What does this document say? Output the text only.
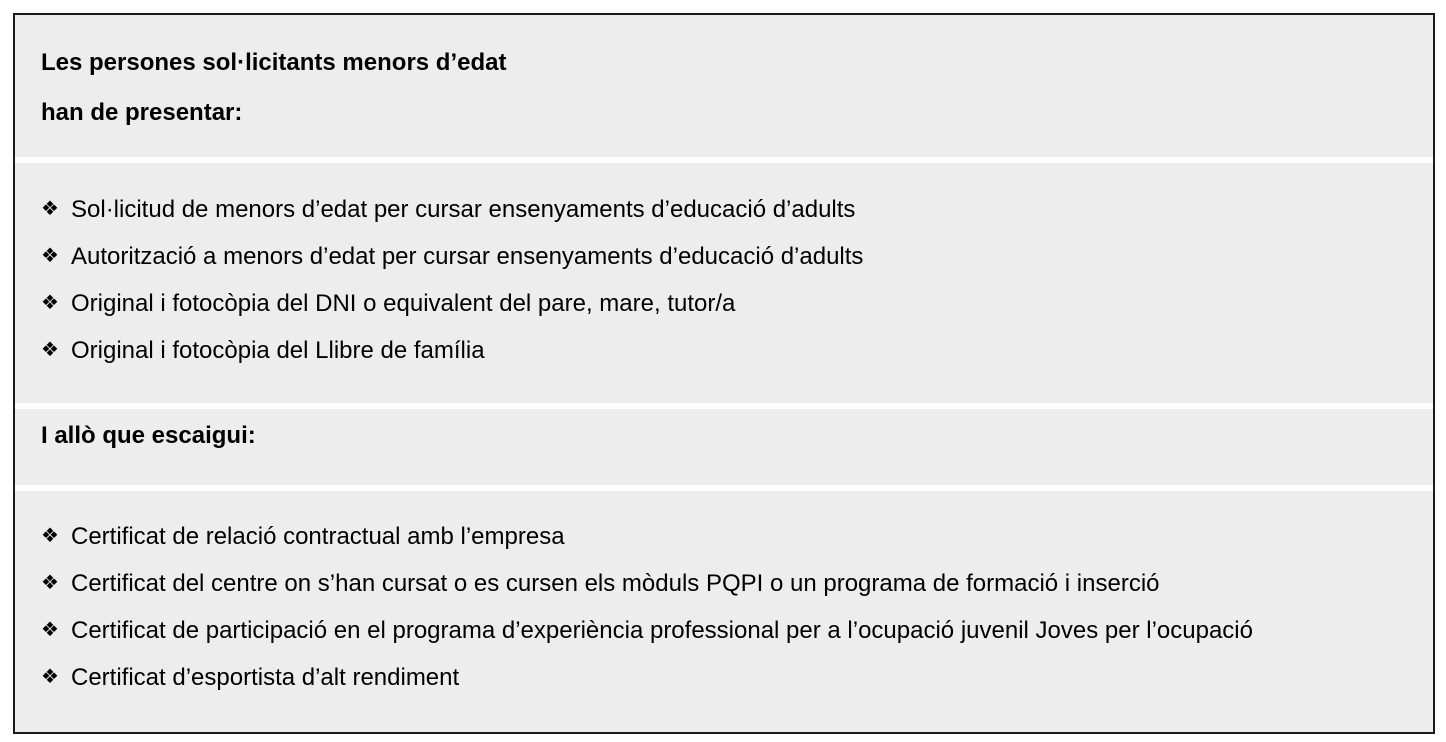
Les persones sol·licitants menors d’edat
han de presentar:
❖ Sol·licitud de menors d’edat per cursar ensenyaments d’educació d’adults
❖ Autorització a menors d’edat per cursar ensenyaments d’educació d’adults
❖ Original i fotocòpia del DNI o equivalent del pare, mare, tutor/a
❖ Original i fotocòpia del Llibre de família
I allò que escaigui:
❖ Certificat de relació contractual amb l’empresa
❖ Certificat del centre on s’han cursat o es cursen els mòduls PQPI o un programa de formació i inserció
❖ Certificat de participació en el programa d’experiència professional per a l’ocupació juvenil Joves per l’ocupació
❖ Certificat d’esportista d’alt rendiment
